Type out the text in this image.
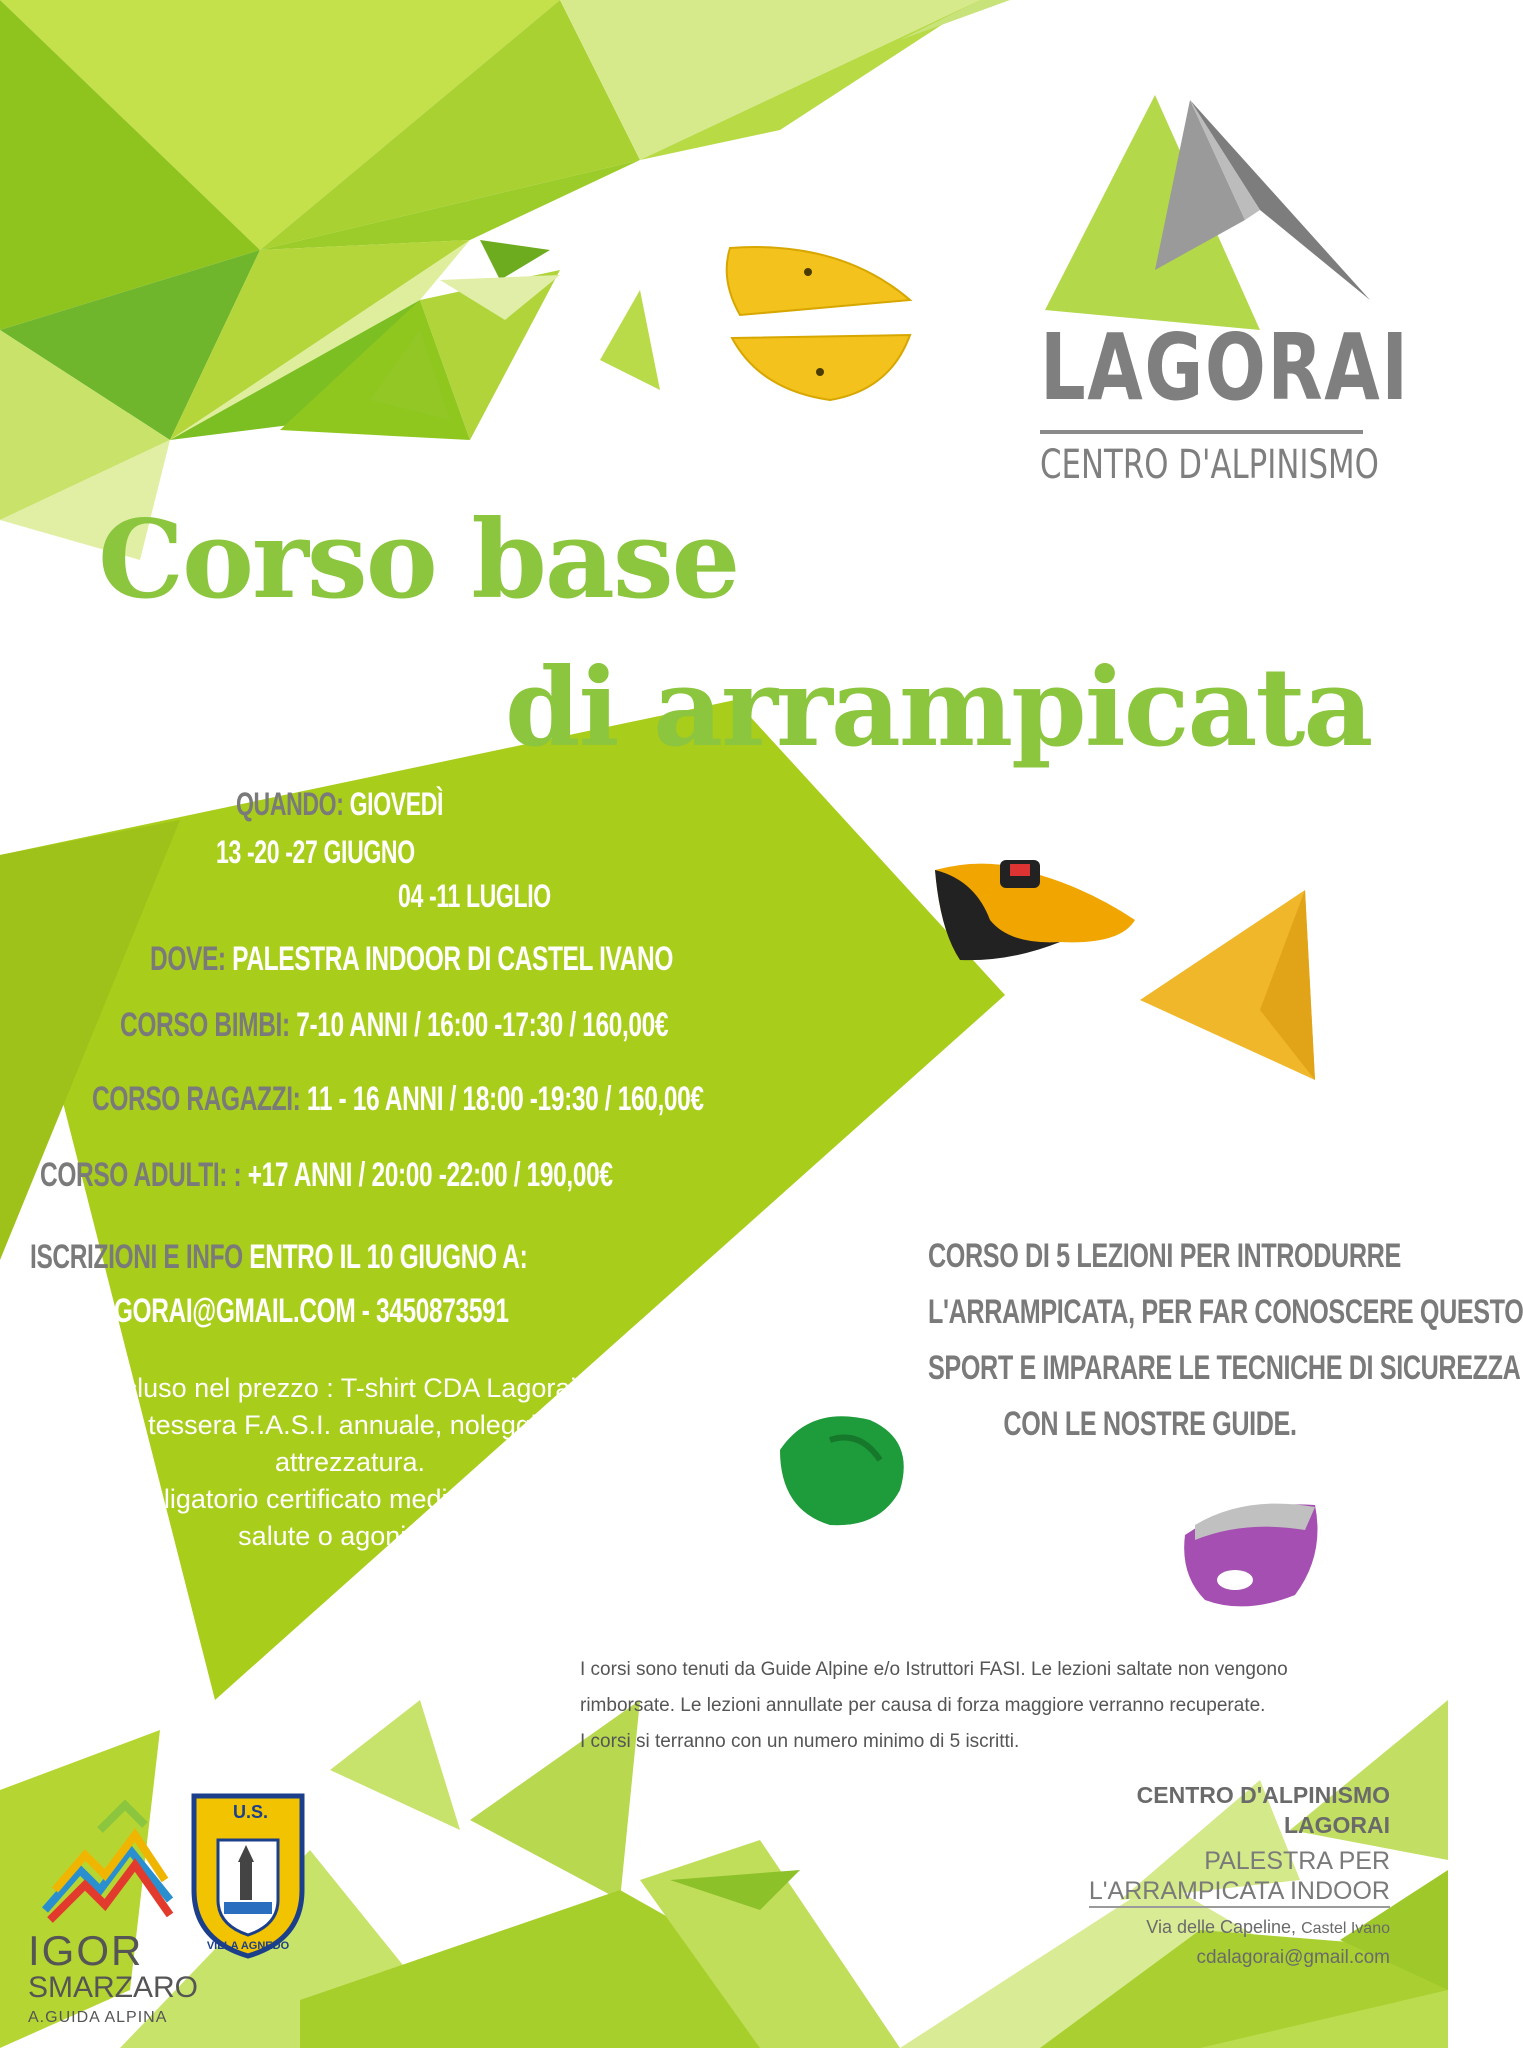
LAGORAI
CENTRO D'ALPINISMO
Corso base
di arrampicata
QUANDO: GIOVEDÌ
13 -20 -27 GIUGNO
04 -11 LUGLIO
DOVE: PALESTRA INDOOR DI CASTEL IVANO
CORSO BIMBI: 7-10 ANNI / 16:00 -17:30 / 160,00€
CORSO RAGAZZI: 11 - 16 ANNI / 18:00 -19:30 / 160,00€
CORSO ADULTI: : +17 ANNI / 20:00 -22:00 / 190,00€
ISCRIZIONI E INFO ENTRO IL 10 GIUGNO A:
CDALAGORAI@GMAIL.COM - 3450873591
Incluso nel prezzo : T-shirt CDA Lagorai e
tessera F.A.S.I. annuale, noleggio
attrezzatura.
Obbligatorio certificato medico di buona
salute o agonistico
CORSO DI 5 LEZIONI PER INTRODURRE
L'ARRAMPICATA, PER FAR CONOSCERE QUESTO
SPORT E IMPARARE LE TECNICHE DI SICUREZZA
CON LE NOSTRE GUIDE.
I corsi sono tenuti da Guide Alpine e/o Istruttori FASI. Le lezioni saltate non vengono
rimborsate. Le lezioni annullate per causa di forza maggiore verranno recuperate.
I corsi si terranno con un numero minimo di 5 iscritti.
CENTRO D'ALPINISMO
LAGORAI
PALESTRA PER
L'ARRAMPICATA INDOOR
Via delle Capeline, Castel Ivano
cdalagorai@gmail.com
IGOR
SMARZARO
A.GUIDA ALPINA
U.S.
VILLA AGNEDO
